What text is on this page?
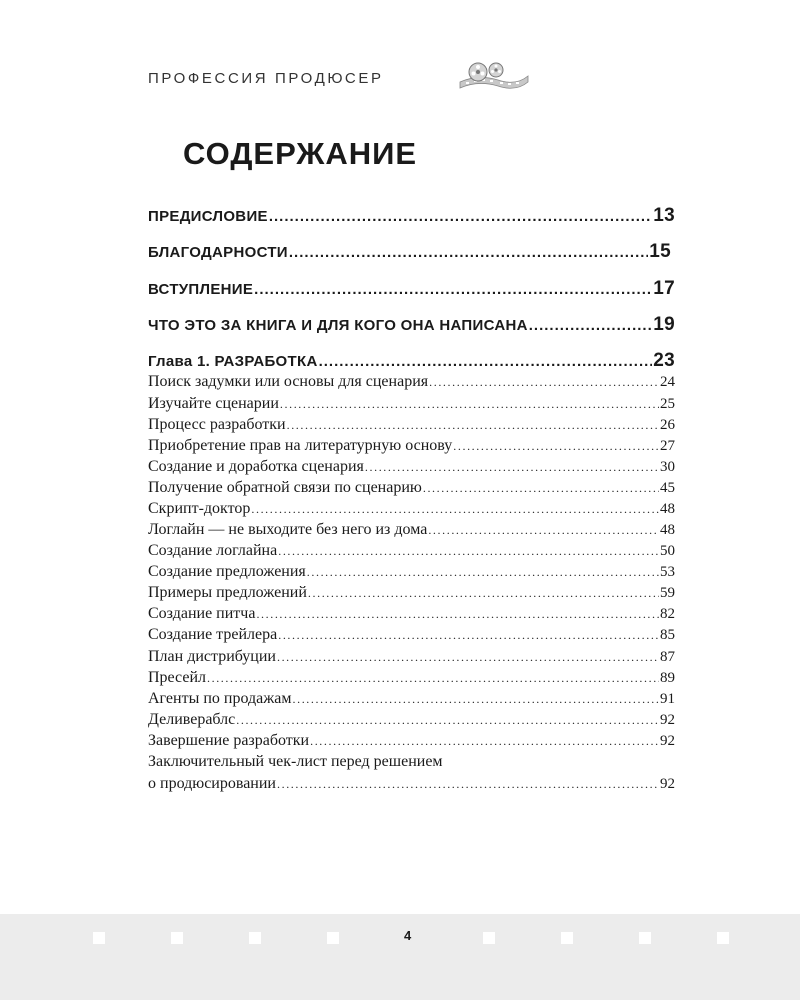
ПРОФЕССИЯ ПРОДЮСЕР
СОДЕРЖАНИЕ
ПРЕДИСЛОВИЕ .....	13
БЛАГОДАРНОСТИ .....	15
ВСТУПЛЕНИЕ .....	17
ЧТО ЭТО ЗА КНИГА И ДЛЯ КОГО ОНА НАПИСАНА .....	19
Глава 1. РАЗРАБОТКА .....	23
Поиск задумки или основы для сценария .....	24
Изучайте сценарии .....	25
Процесс разработки .....	26
Приобретение прав на литературную основу .....	27
Создание и доработка сценария .....	30
Получение обратной связи по сценарию .....	45
Скрипт-доктор .....	48
Логлайн — не выходите без него из дома .....	48
Создание логлайна .....	50
Создание предложения .....	53
Примеры предложений .....	59
Создание питча .....	82
Создание трейлера .....	85
План дистрибуции .....	87
Пресейл .....	89
Агенты по продажам .....	91
Деливераблс .....	92
Завершение разработки .....	92
Заключительный чек-лист перед решением
о продюсировании .....	92
4
